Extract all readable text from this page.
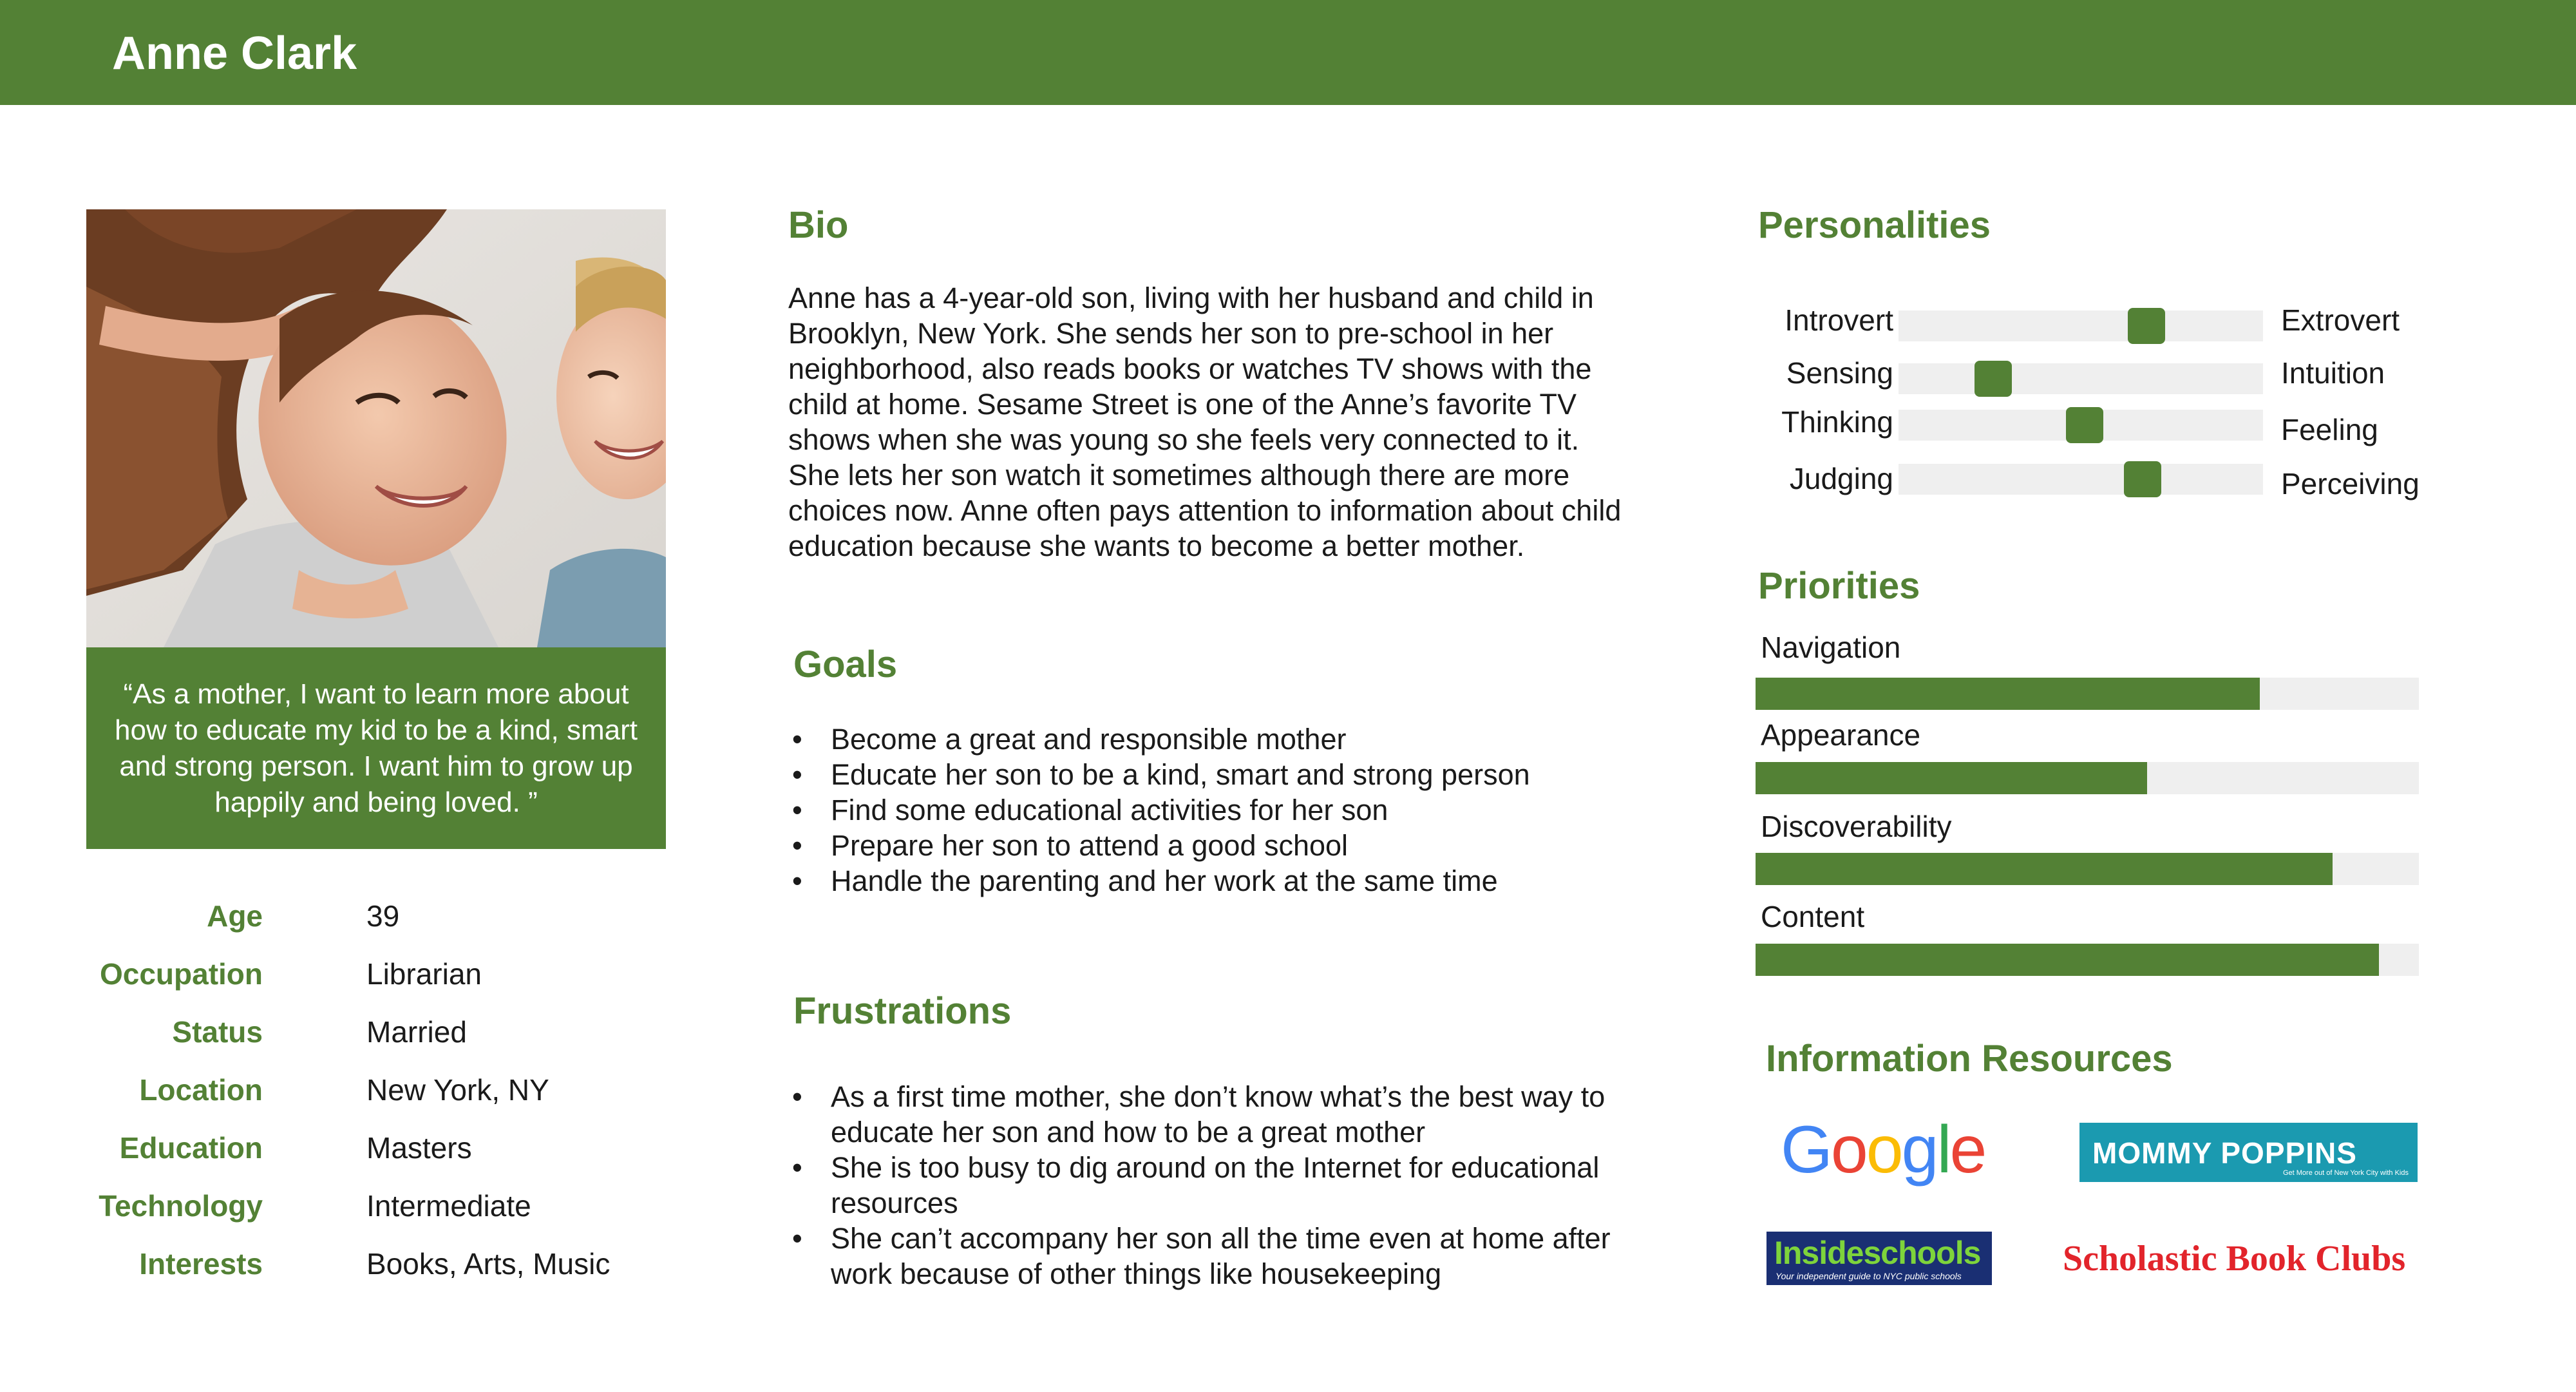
Anne Clark
“As a mother, I want to learn more about how to educate my kid to be a kind, smart and strong person. I want him to grow up happily and being loved. ”
Age	39
Occupation	Librarian
Status	Married
Location	New York, NY
Education	Masters
Technology	Intermediate
Interests	Books, Arts, Music
Bio

Anne has a 4-year-old son, living with her husband and child in Brooklyn, New York. She sends her son to pre-school in her neighborhood, also reads books or watches TV shows with the child at home. Sesame Street is one of the Anne’s favorite TV shows when she was young so she feels very connected to it. She lets her son watch it sometimes although there are more choices now. Anne often pays attention to information about child education because she wants to become a better mother.

Goals
• Become a great and responsible mother
• Educate her son to be a kind, smart and strong person
• Find some educational activities for her son
• Prepare her son to attend a good school
• Handle the parenting and her work at the same time
Frustrations
• As a first time mother, she don’t know what’s the best way to educate her son and how to be a great mother
• She is too busy to dig around on the Internet for educational resources
• She can’t accompany her son all the time even at home after work because of other things like housekeeping
Personalities
Introvert	Extrovert
Sensing	Intuition
Thinking	Feeling
Judging	Perceiving
Priorities
Navigation
Appearance
Discoverability
Content
Information Resources
Google	MOMMY POPPINS
Get More out of New York City with Kids
Insideschools
Your independent guide to NYC public schools	Scholastic Book Clubs
